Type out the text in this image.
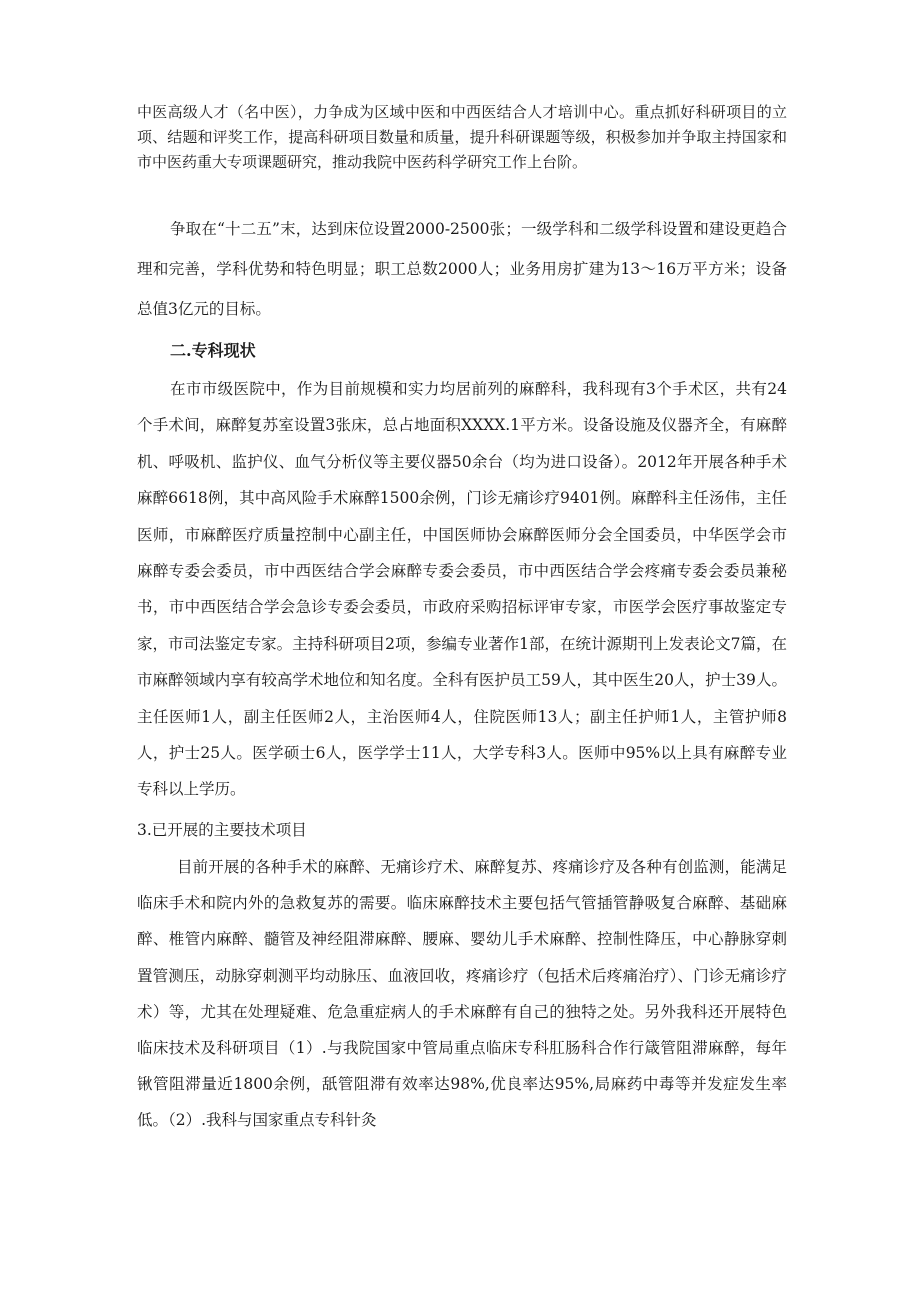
中医高级人才（名中医），力争成为区域中医和中西医结合人才培训中心。重点抓好科研项目的立项、结题和评奖工作，提高科研项目数量和质量，提升科研课题等级，积极参加并争取主持国家和市中医药重大专项课题研究，推动我院中医药科学研究工作上台阶。

争取在“十二五”末，达到床位设置2000-2500张；一级学科和二级学科设置和建设更趋合理和完善，学科优势和特色明显；职工总数2000人；业务用房扩建为13～16万平方米；设备总值3亿元的目标。

二.专科现状

在市市级医院中，作为目前规模和实力均居前列的麻醉科，我科现有3个手术区，共有24个手术间，麻醉复苏室设置3张床，总占地面积XXXX.1平方米。设备设施及仪器齐全，有麻醉机、呼吸机、监护仪、血气分析仪等主要仪器50余台（均为进口设备）。2012年开展各种手术麻醉6618例，其中高风险手术麻醉1500余例，门诊无痛诊疗9401例。麻醉科主任汤伟，主任医师，市麻醉医疗质量控制中心副主任，中国医师协会麻醉医师分会全国委员，中华医学会市麻醉专委会委员，市中西医结合学会麻醉专委会委员，市中西医结合学会疼痛专委会委员兼秘书，市中西医结合学会急诊专委会委员，市政府采购招标评审专家，市医学会医疗事故鉴定专家，市司法鉴定专家。主持科研项目2项，参编专业著作1部，在统计源期刊上发表论文7篇，在市麻醉领域内享有较高学术地位和知名度。全科有医护员工59人，其中医生20人，护士39人。主任医师1人，副主任医师2人，主治医师4人，住院医师13人；副主任护师1人，主管护师8人，护士25人。医学硕士6人，医学学士11人，大学专科3人。医师中95%以上具有麻醉专业专科以上学历。

3.已开展的主要技术项目

目前开展的各种手术的麻醉、无痛诊疗术、麻醉复苏、疼痛诊疗及各种有创监测，能满足临床手术和院内外的急救复苏的需要。临床麻醉技术主要包括气管插管静吸复合麻醉、基础麻醉、椎管内麻醉、髓管及神经阻滞麻醉、腰麻、婴幼儿手术麻醉、控制性降压，中心静脉穿刺置管测压，动脉穿刺测平均动脉压、血液回收，疼痛诊疗（包括术后疼痛治疗）、门诊无痛诊疗术）等，尤其在处理疑难、危急重症病人的手术麻醉有自己的独特之处。另外我科还开展特色临床技术及科研项目（1）.与我院国家中管局重点临床专科肛肠科合作行箴管阻滞麻醉，每年锹管阻滞量近1800余例，舐管阻滞有效率达98%,优良率达95%,局麻药中毒等并发症发生率低。（2）.我科与国家重点专科针灸
